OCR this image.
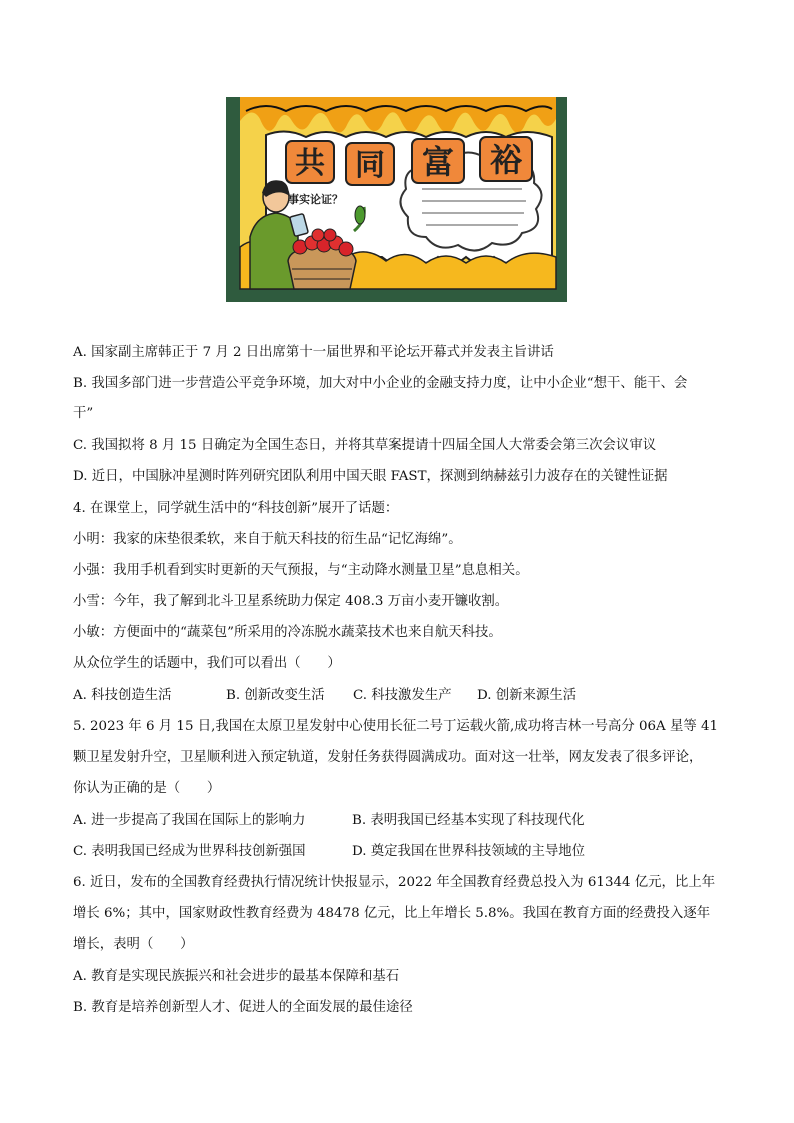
共 同 富 裕
事实论证？
A. 国家副主席韩正于 7 月 2 日出席第十一届世界和平论坛开幕式并发表主旨讲话
B. 我国多部门进一步营造公平竞争环境，加大对中小企业的金融支持力度，让中小企业“想干、能干、会
干”
C. 我国拟将 8 月 15 日确定为全国生态日，并将其草案提请十四届全国人大常委会第三次会议审议
D. 近日，中国脉冲星测时阵列研究团队利用中国天眼 FAST，探测到纳赫兹引力波存在的关键性证据
4. 在课堂上，同学就生活中的“科技创新”展开了话题：
小明：我家的床垫很柔软，来自于航天科技的衍生品“记忆海绵”。
小强：我用手机看到实时更新的天气预报，与“主动降水测量卫星”息息相关。
小雪：今年，我了解到北斗卫星系统助力保定 408.3 万亩小麦开镰收割。
小敏：方便面中的“蔬菜包”所采用的冷冻脱水蔬菜技术也来自航天科技。
从众位学生的话题中，我们可以看出（　　）
A. 科技创造生活	B. 创新改变生活 C. 科技激发生产 D. 创新来源生活
5. 2023 年 6 月 15 日,我国在太原卫星发射中心使用长征二号丁运载火箭,成功将吉林一号高分 06A 星等 41
颗卫星发射升空，卫星顺利进入预定轨道，发射任务获得圆满成功。面对这一壮举，网友发表了很多评论，
你认为正确的是（　　）
A. 进一步提高了我国在国际上的影响力	B. 表明我国已经基本实现了科技现代化
C. 表明我国已经成为世界科技创新强国	D. 奠定我国在世界科技领域的主导地位
6. 近日，发布的全国教育经费执行情况统计快报显示，2022 年全国教育经费总投入为 61344 亿元，比上年
增长 6%；其中，国家财政性教育经费为 48478 亿元，比上年增长 5.8%。我国在教育方面的经费投入逐年
增长，表明（　　）
A. 教育是实现民族振兴和社会进步的最基本保障和基石
B. 教育是培养创新型人才、促进人的全面发展的最佳途径
